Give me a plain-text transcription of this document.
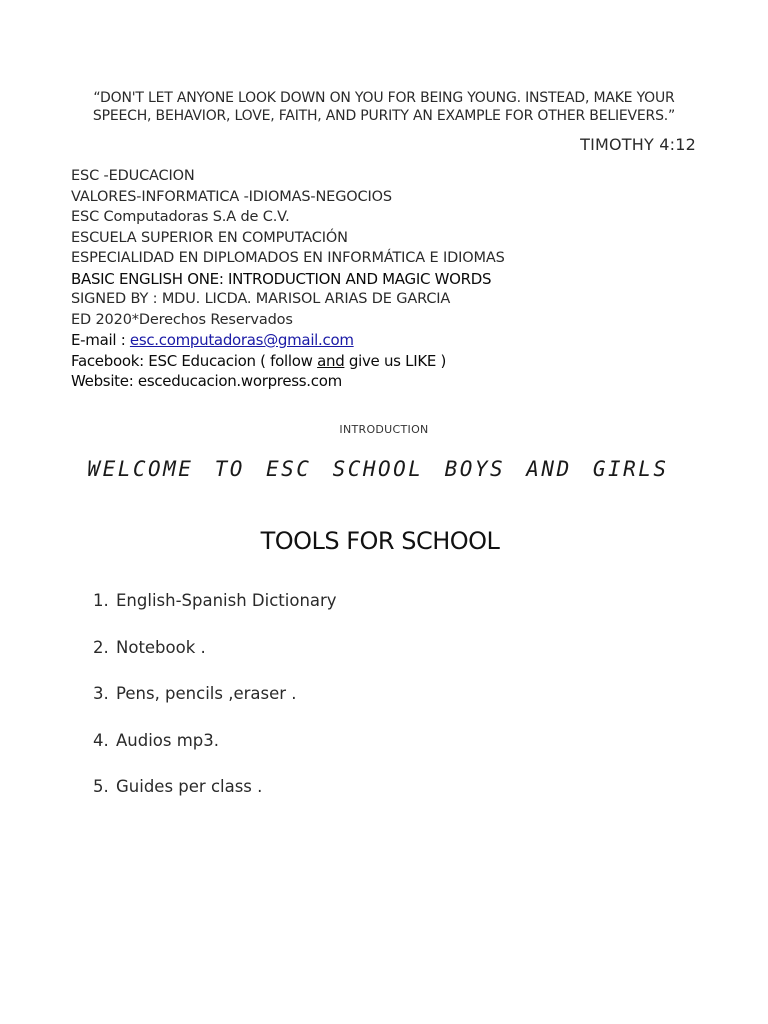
“DON'T LET ANYONE LOOK DOWN ON YOU FOR BEING YOUNG. INSTEAD, MAKE YOUR
SPEECH, BEHAVIOR, LOVE, FAITH, AND PURITY AN EXAMPLE FOR OTHER BELIEVERS.”
TIMOTHY 4:12
ESC -EDUCACION
VALORES-INFORMATICA -IDIOMAS-NEGOCIOS
ESC Computadoras S.A de C.V.
ESCUELA SUPERIOR EN COMPUTACIÓN
ESPECIALIDAD EN DIPLOMADOS EN INFORMÁTICA E IDIOMAS
BASIC ENGLISH ONE: INTRODUCTION AND MAGIC WORDS
SIGNED BY : MDU. LICDA. MARISOL ARIAS DE GARCIA
ED 2020*Derechos Reservados
E-mail : esc.computadoras@gmail.com
Facebook: ESC Educacion ( follow and give us LIKE )
Website: esceducacion.worpress.com
INTRODUCTION
WELCOME TO ESC SCHOOL BOYS AND GIRLS
TOOLS FOR SCHOOL
1. English-Spanish Dictionary
2. Notebook .
3. Pens, pencils ,eraser .
4. Audios mp3.
5. Guides per class .
